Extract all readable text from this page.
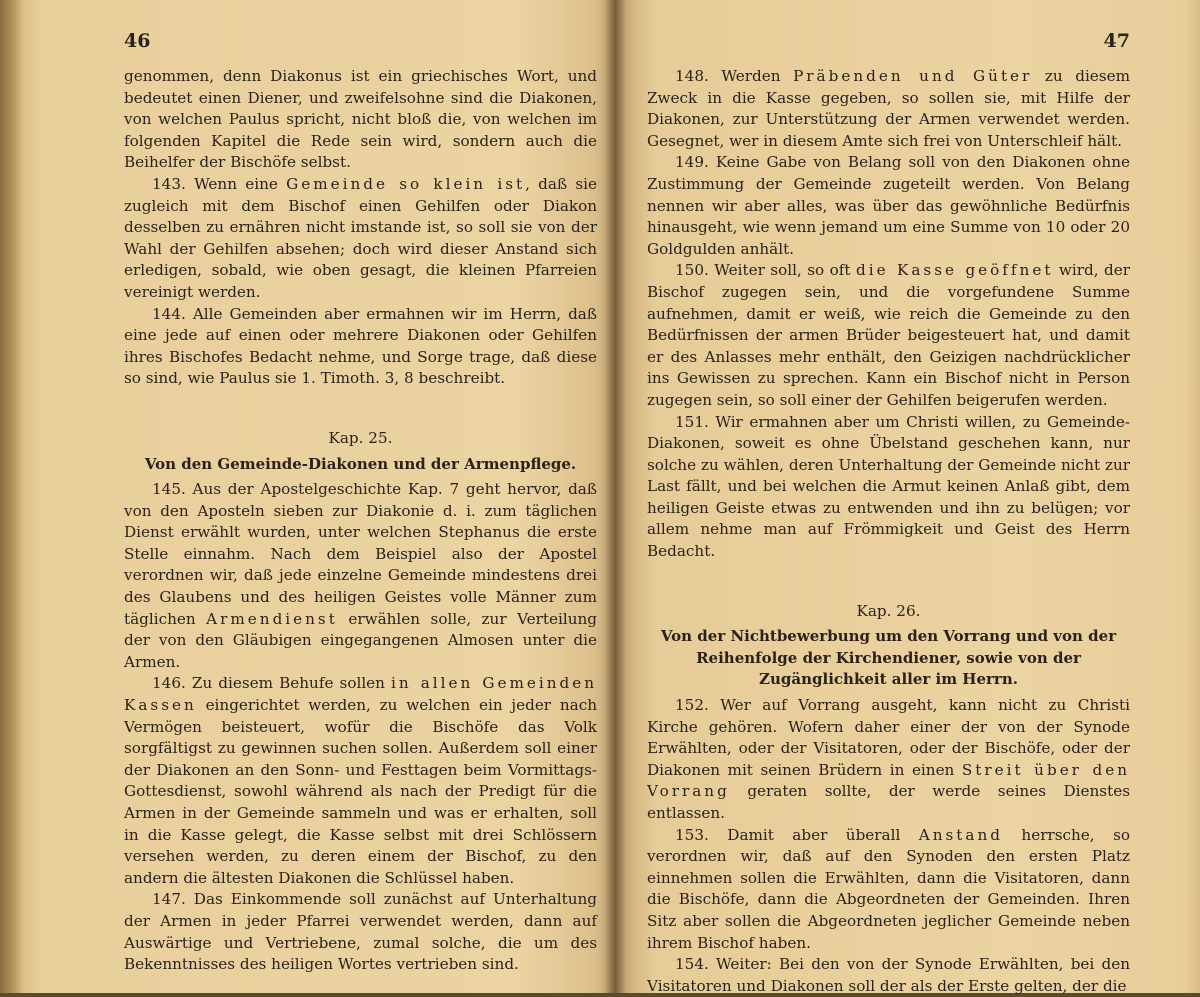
46

genommen, denn Diakonus ist ein griechisches Wort, und bedeutet einen Diener, und zweifelsohne sind die Diakonen, von welchen Paulus spricht, nicht bloß die, von welchen im folgenden Kapitel die Rede sein wird, sondern auch die Beihelfer der Bischöfe selbst.

143. Wenn eine Gemeinde so klein ist, daß sie zugleich mit dem Bischof einen Gehilfen oder Diakon desselben zu ernähren nicht imstande ist, so soll sie von der Wahl der Gehilfen absehen; doch wird dieser Anstand sich erledigen, sobald, wie oben gesagt, die kleinen Pfarreien vereinigt werden.

144. Alle Gemeinden aber ermahnen wir im Herrn, daß eine jede auf einen oder mehrere Diakonen oder Gehilfen ihres Bischofes Bedacht nehme, und Sorge trage, daß diese so sind, wie Paulus sie 1. Timoth. 3, 8 beschreibt.

Kap. 25.
Von den Gemeinde-Diakonen und der Armenpflege.

145. Aus der Apostelgeschichte Kap. 7 geht hervor, daß von den Aposteln sieben zur Diakonie d. i. zum täglichen Dienst erwählt wurden, unter welchen Stephanus die erste Stelle einnahm. Nach dem Beispiel also der Apostel verordnen wir, daß jede einzelne Gemeinde mindestens drei des Glaubens und des heiligen Geistes volle Männer zum täglichen Armendienst erwählen solle, zur Verteilung der von den Gläubigen eingegangenen Almosen unter die Armen.

146. Zu diesem Behufe sollen in allen Gemeinden Kassen eingerichtet werden, zu welchen ein jeder nach Vermögen beisteuert, wofür die Bischöfe das Volk sorgfältigst zu gewinnen suchen sollen. Außerdem soll einer der Diakonen an den Sonn- und Festtagen beim Vormittags-Gottesdienst, sowohl während als nach der Predigt für die Armen in der Gemeinde sammeln und was er erhalten, soll in die Kasse gelegt, die Kasse selbst mit drei Schlössern versehen werden, zu deren einem der Bischof, zu den andern die ältesten Diakonen die Schlüssel haben.

147. Das Einkommende soll zunächst auf Unterhaltung der Armen in jeder Pfarrei verwendet werden, dann auf Auswärtige und Vertriebene, zumal solche, die um des Bekenntnisses des heiligen Wortes vertrieben sind.

47

148. Werden Präbenden und Güter zu diesem Zweck in die Kasse gegeben, so sollen sie, mit Hilfe der Diakonen, zur Unterstützung der Armen verwendet werden. Gesegnet, wer in diesem Amte sich frei von Unterschleif hält.

149. Keine Gabe von Belang soll von den Diakonen ohne Zustimmung der Gemeinde zugeteilt werden. Von Belang nennen wir aber alles, was über das gewöhnliche Bedürfnis hinausgeht, wie wenn jemand um eine Summe von 10 oder 20 Goldgulden anhält.

150. Weiter soll, so oft die Kasse geöffnet wird, der Bischof zugegen sein, und die vorgefundene Summe aufnehmen, damit er weiß, wie reich die Gemeinde zu den Bedürfnissen der armen Brüder beigesteuert hat, und damit er des Anlasses mehr enthält, den Geizigen nachdrücklicher ins Gewissen zu sprechen. Kann ein Bischof nicht in Person zugegen sein, so soll einer der Gehilfen beigerufen werden.

151. Wir ermahnen aber um Christi willen, zu Gemeinde-Diakonen, soweit es ohne Übelstand geschehen kann, nur solche zu wählen, deren Unterhaltung der Gemeinde nicht zur Last fällt, und bei welchen die Armut keinen Anlaß gibt, dem heiligen Geiste etwas zu entwenden und ihn zu belügen; vor allem nehme man auf Frömmigkeit und Geist des Herrn Bedacht.

Kap. 26.
Von der Nichtbewerbung um den Vorrang und von der Reihenfolge der Kirchendiener, sowie von der Zugänglichkeit aller im Herrn.

152. Wer auf Vorrang ausgeht, kann nicht zu Christi Kirche gehören. Wofern daher einer der von der Synode Erwählten, oder der Visitatoren, oder der Bischöfe, oder der Diakonen mit seinen Brüdern in einen Streit über den Vorrang geraten sollte, der werde seines Dienstes entlassen.

153. Damit aber überall Anstand herrsche, so verordnen wir, daß auf den Synoden den ersten Platz einnehmen sollen die Erwählten, dann die Visitatoren, dann die Bischöfe, dann die Abgeordneten der Gemeinden. Ihren Sitz aber sollen die Abgeordneten jeglicher Gemeinde neben ihrem Bischof haben.

154. Weiter: Bei den von der Synode Erwählten, bei den Visitatoren und Diakonen soll der als der Erste gelten, der die
